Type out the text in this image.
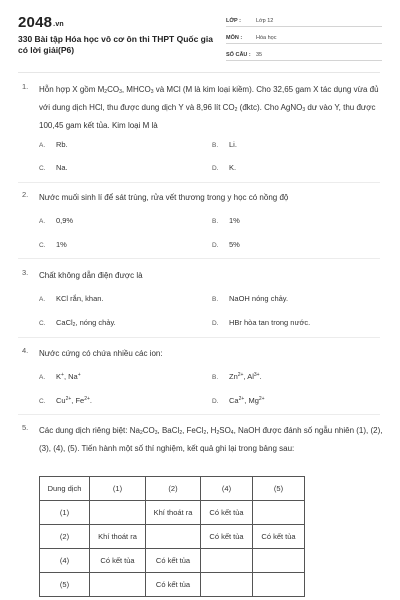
2048.vn
330 Bài tập Hóa học vô cơ ôn thi THPT Quốc gia có lời giải(P6)
LỚP :	Lớp 12
MÔN :	Hóa học
SỐ CÂU : 35
1. Hỗn hợp X gồm $M_2CO_3$, $MHCO_3$ và MCl (M là kim loại kiềm). Cho 32,65 gam X tác dụng vừa đủ với dung dịch HCl, thu được dung dịch Y và 8,96 lít $CO_2$ (đktc). Cho AgNO$_3$ dư vào Y, thu được 100,45 gam kết tủa. Kim loại M là
A. Rb.	B. Li.
C. Na.	D. K.
2. Nước muối sinh lí để sát trùng, rửa vết thương trong y học có nồng độ
A. 0,9%	B. 1%
C. 1%	D. 5%
3. Chất không dẫn điện được là
A. KCl rắn, khan.	B. NaOH nóng chảy.
C. CaCl$_2$, nóng chảy.	D. HBr hòa tan trong nước.
4. Nước cứng có chứa nhiều các ion:
A. K+, Na+	B. $Zn^{2+}$, $Al^{3+}$.
C. $Cu^{2+}$, $Fe^{2+}$.	D. $Ca^{2+}$, $Mg^{2+}$
5. Các dung dịch riêng biệt: $Na_2CO_3$, BaCl$_2$, FeCl$_2$, $H_2SO_4$, NaOH được đánh số ngẫu nhiên (1), (2), (3), (4), (5). Tiến hành một số thí nghiệm, kết quả ghi lại trong bảng sau:
Dung dịch	(1)	(2)	(4)	(5)
(1)		Khí thoát ra	Có kết tủa	
(2)	Khí thoát ra		Có kết tủa	Có kết tủa
(4)	Có kết tủa	Có kết tủa		
(5)		Có kết tủa		
